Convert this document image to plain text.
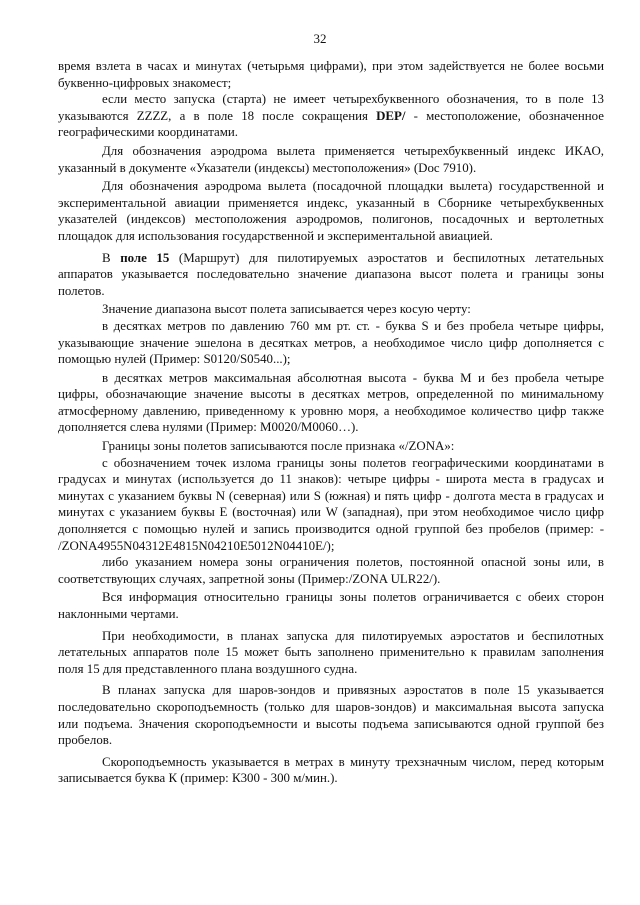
32

время взлета в часах и минутах (четырьмя цифрами), при этом задействуется не более восьми буквенно-цифровых знакомест;

если место запуска (старта) не имеет четырехбуквенного обозначения, то в поле 13 указываются ZZZZ, а в поле 18 после сокращения DEP/ - местоположение, обозначенное географическими координатами.

Для обозначения аэродрома вылета применяется четырехбуквенный индекс ИКАО, указанный в документе «Указатели (индексы) местоположения» (Doc 7910).

Для обозначения аэродрома вылета (посадочной площадки вылета) государственной и экспериментальной авиации применяется индекс, указанный в Сборнике четырехбуквенных указателей (индексов) местоположения аэродромов, полигонов, посадочных и вертолетных площадок для использования государственной и экспериментальной авиацией.

В поле 15 (Маршрут) для пилотируемых аэростатов и беспилотных летательных аппаратов указывается последовательно значение диапазона высот полета и границы зоны полетов.

Значение диапазона высот полета записывается через косую черту:

в десятках метров по давлению 760 мм рт. ст. - буква S и без пробела четыре цифры, указывающие значение эшелона в десятках метров, а необходимое число цифр дополняется с помощью нулей (Пример: S0120/S0540...);

в десятках метров максимальная абсолютная высота - буква М и без пробела четыре цифры, обозначающие значение высоты в десятках метров, определенной по минимальному атмосферному давлению, приведенному к уровню моря, а необходимое количество цифр также дополняется слева нулями (Пример: M0020/M0060…).

Границы зоны полетов записываются после признака «/ZONA»:

с обозначением точек излома границы зоны полетов географическими координатами в градусах и минутах (используется до 11 знаков): четыре цифры - широта места в градусах и минутах с указанием буквы N (северная) или S (южная) и пять цифр - долгота места в градусах и минутах с указанием буквы E (восточная) или W (западная), при этом необходимое число цифр дополняется с помощью нулей и запись производится одной группой без пробелов (пример: - /ZONA4955N04312E4815N04210E5012N04410E/);

либо указанием номера зоны ограничения полетов, постоянной опасной зоны или, в соответствующих случаях, запретной зоны (Пример:/ZONA ULR22/).

Вся информация относительно границы зоны полетов ограничивается с обеих сторон наклонными чертами.

При необходимости, в планах запуска для пилотируемых аэростатов и беспилотных летательных аппаратов поле 15 может быть заполнено применительно к правилам заполнения поля 15 для представленного плана воздушного судна.

В планах запуска для шаров-зондов и привязных аэростатов в поле 15 указывается последовательно скороподъемность (только для шаров-зондов) и максимальная высота запуска или подъема. Значения скороподъемности и высоты подъема записываются одной группой без пробелов.

Скороподъемность указывается в метрах в минуту трехзначным числом, перед которым записывается буква К (пример: К300 - 300 м/мин.).
